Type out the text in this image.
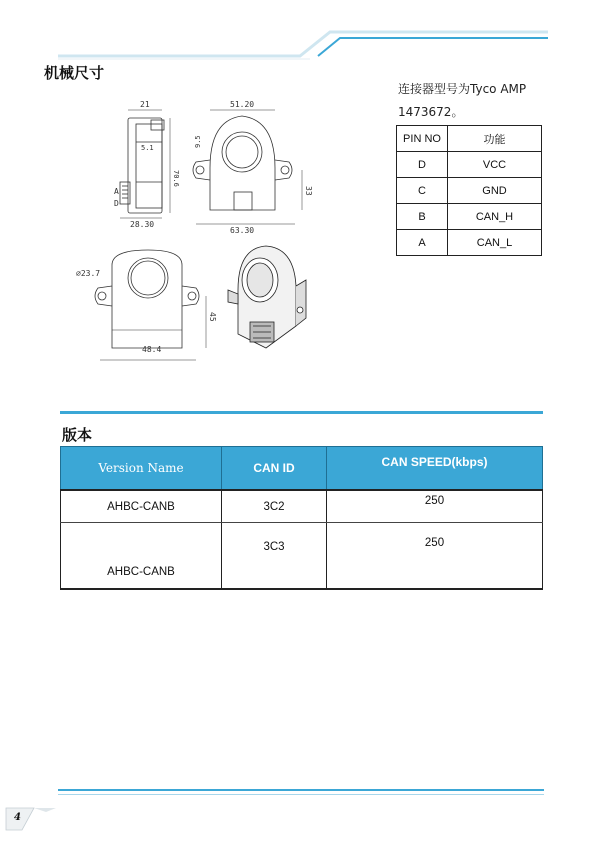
机械尺寸
21
5.1
70.6
28.30
A
D
51.20
9.5
63.30
33
∅23.7
45
48.4
连接器型号为Tyco AMP
1473672。
PIN NO	功能
D	VCC
C	GND
B	CAN_H
A	CAN_L
版本
Version Name	CAN ID	CAN SPEED(kbps)
AHBC-CANB	3C2	250
AHBC-CANB	3C3	250
4
